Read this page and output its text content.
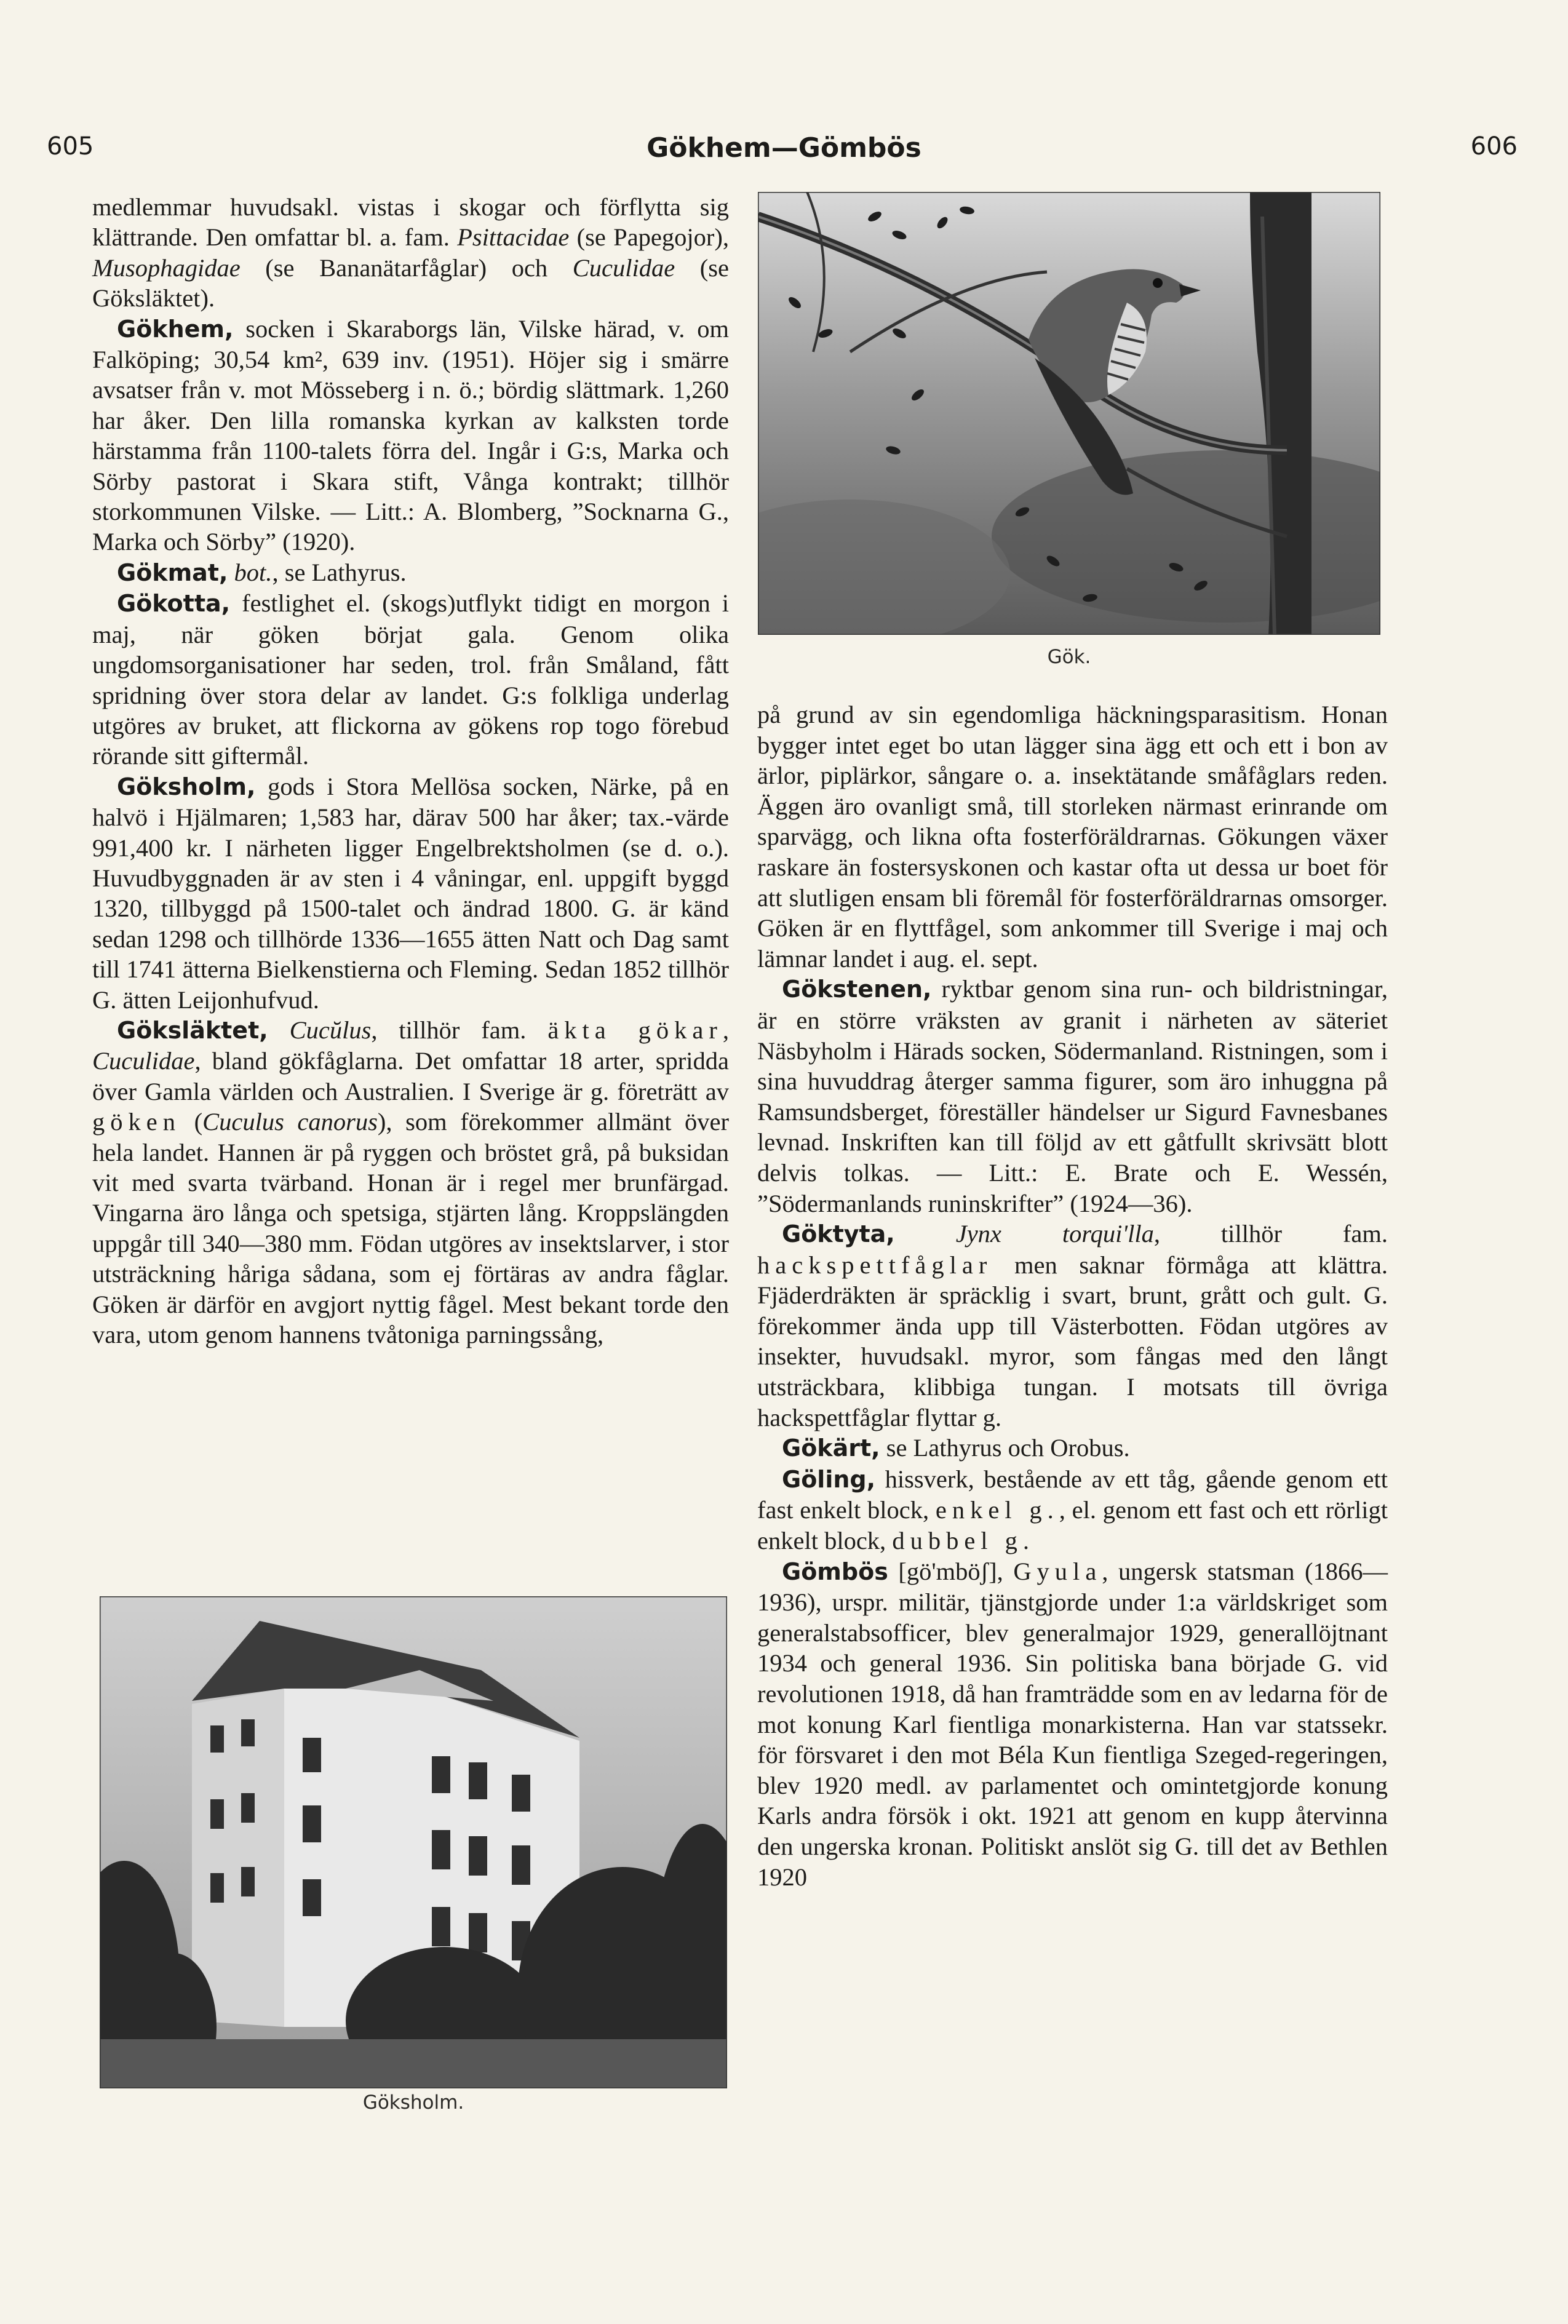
Gökhem—Gömbös
605	606

medlemmar huvudsakl. vistas i skogar och förflytta sig klättrande. Den omfattar bl. a. fam. Psittacidae (se Papegojor), Musophagidae (se Bananätarfåglar) och Cuculidae (se Göksläktet).

Gökhem, socken i Skaraborgs län, Vilske härad, v. om Falköping; 30,54 km², 639 inv. (1951). Höjer sig i smärre avsatser från v. mot Mösseberg i n. ö.; bördig slättmark. 1,260 har åker. Den lilla romanska kyrkan av kalksten torde härstamma från 1100-talets förra del. Ingår i G:s, Marka och Sörby pastorat i Skara stift, Vånga kontrakt; tillhör storkommunen Vilske. — Litt.: A. Blomberg, ”Socknarna G., Marka och Sörby” (1920).

Gökmat, bot., se Lathyrus.

Gökotta, festlighet el. (skogs)utflykt tidigt en morgon i maj, när göken börjat gala. Genom olika ungdomsorganisationer har seden, trol. från Småland, fått spridning över stora delar av landet. G:s folkliga underlag utgöres av bruket, att flickorna av gökens rop togo förebud rörande sitt giftermål.

Göksholm, gods i Stora Mellösa socken, Närke, på en halvö i Hjälmaren; 1,583 har, därav 500 har åker; tax.-värde 991,400 kr. I närheten ligger Engelbrektsholmen (se d. o.). Huvudbyggnaden är av sten i 4 våningar, enl. uppgift byggd 1320, tillbyggd på 1500-talet och ändrad 1800. G. är känd sedan 1298 och tillhörde 1336—1655 ätten Natt och Dag samt till 1741 ätterna Bielkenstierna och Fleming. Sedan 1852 tillhör G. ätten Leijonhufvud.

Göksläktet, Cucŭlus, tillhör fam. äkta gökar, Cuculidae, bland gökfåglarna. Det omfattar 18 arter, spridda över Gamla världen och Australien. I Sverige är g. företrätt av göken (Cuculus canorus), som förekommer allmänt över hela landet. Hannen är på ryggen och bröstet grå, på buksidan vit med svarta tvärband. Honan är i regel mer brunfärgad. Vingarna äro långa och spetsiga, stjärten lång. Kroppslängden uppgår till 340—380 mm. Födan utgöres av insektslarver, i stor utsträckning håriga sådana, som ej förtäras av andra fåglar. Göken är därför en avgjort nyttig fågel. Mest bekant torde den vara, utom genom hannens tvåtoniga parningssång,

Gök.

på grund av sin egendomliga häckningsparasitism. Honan bygger intet eget bo utan lägger sina ägg ett och ett i bon av ärlor, piplärkor, sångare o. a. insektätande småfåglars reden. Äggen äro ovanligt små, till storleken närmast erinrande om sparvägg, och likna ofta fosterföräldrarnas. Gökungen växer raskare än fostersyskonen och kastar ofta ut dessa ur boet för att slutligen ensam bli föremål för fosterföräldrarnas omsorger. Göken är en flyttfågel, som ankommer till Sverige i maj och lämnar landet i aug. el. sept.

Gökstenen, ryktbar genom sina run- och bildristningar, är en större vräksten av granit i närheten av säteriet Näsbyholm i Härads socken, Södermanland. Ristningen, som i sina huvuddrag återger samma figurer, som äro inhuggna på Ramsundsberget, föreställer händelser ur Sigurd Favnesbanes levnad. Inskriften kan till följd av ett gåtfullt skrivsätt blott delvis tolkas. — Litt.: E. Brate och E. Wessén, ”Södermanlands runinskrifter” (1924—36).

Göktyta, Jynx torqui'lla, tillhör fam. hackspettfåglar men saknar förmåga att klättra. Fjäderdräkten är spräcklig i svart, brunt, grått och gult. G. förekommer ända upp till Västerbotten. Födan utgöres av insekter, huvudsakl. myror, som fångas med den långt utsträckbara, klibbiga tungan. I motsats till övriga hackspettfåglar flyttar g.

Gökärt, se Lathyrus och Orobus.

Göling, hissverk, bestående av ett tåg, gående genom ett fast enkelt block, enkel g., el. genom ett fast och ett rörligt enkelt block, dubbel g.

Gömbös [gö'mböʃ], Gyula, ungersk statsman (1866—1936), urspr. militär, tjänstgjorde under 1:a världskriget som generalstabsofficer, blev generalmajor 1929, generallöjtnant 1934 och general 1936. Sin politiska bana började G. vid revolutionen 1918, då han framträdde som en av ledarna för de mot konung Karl fientliga monarkisterna. Han var statssekr. för försvaret i den mot Béla Kun fientliga Szeged-regeringen, blev 1920 medl. av parlamentet och omintetgjorde konung Karls andra försök i okt. 1921 att genom en kupp återvinna den ungerska kronan. Politiskt anslöt sig G. till det av Bethlen 1920

Göksholm.
